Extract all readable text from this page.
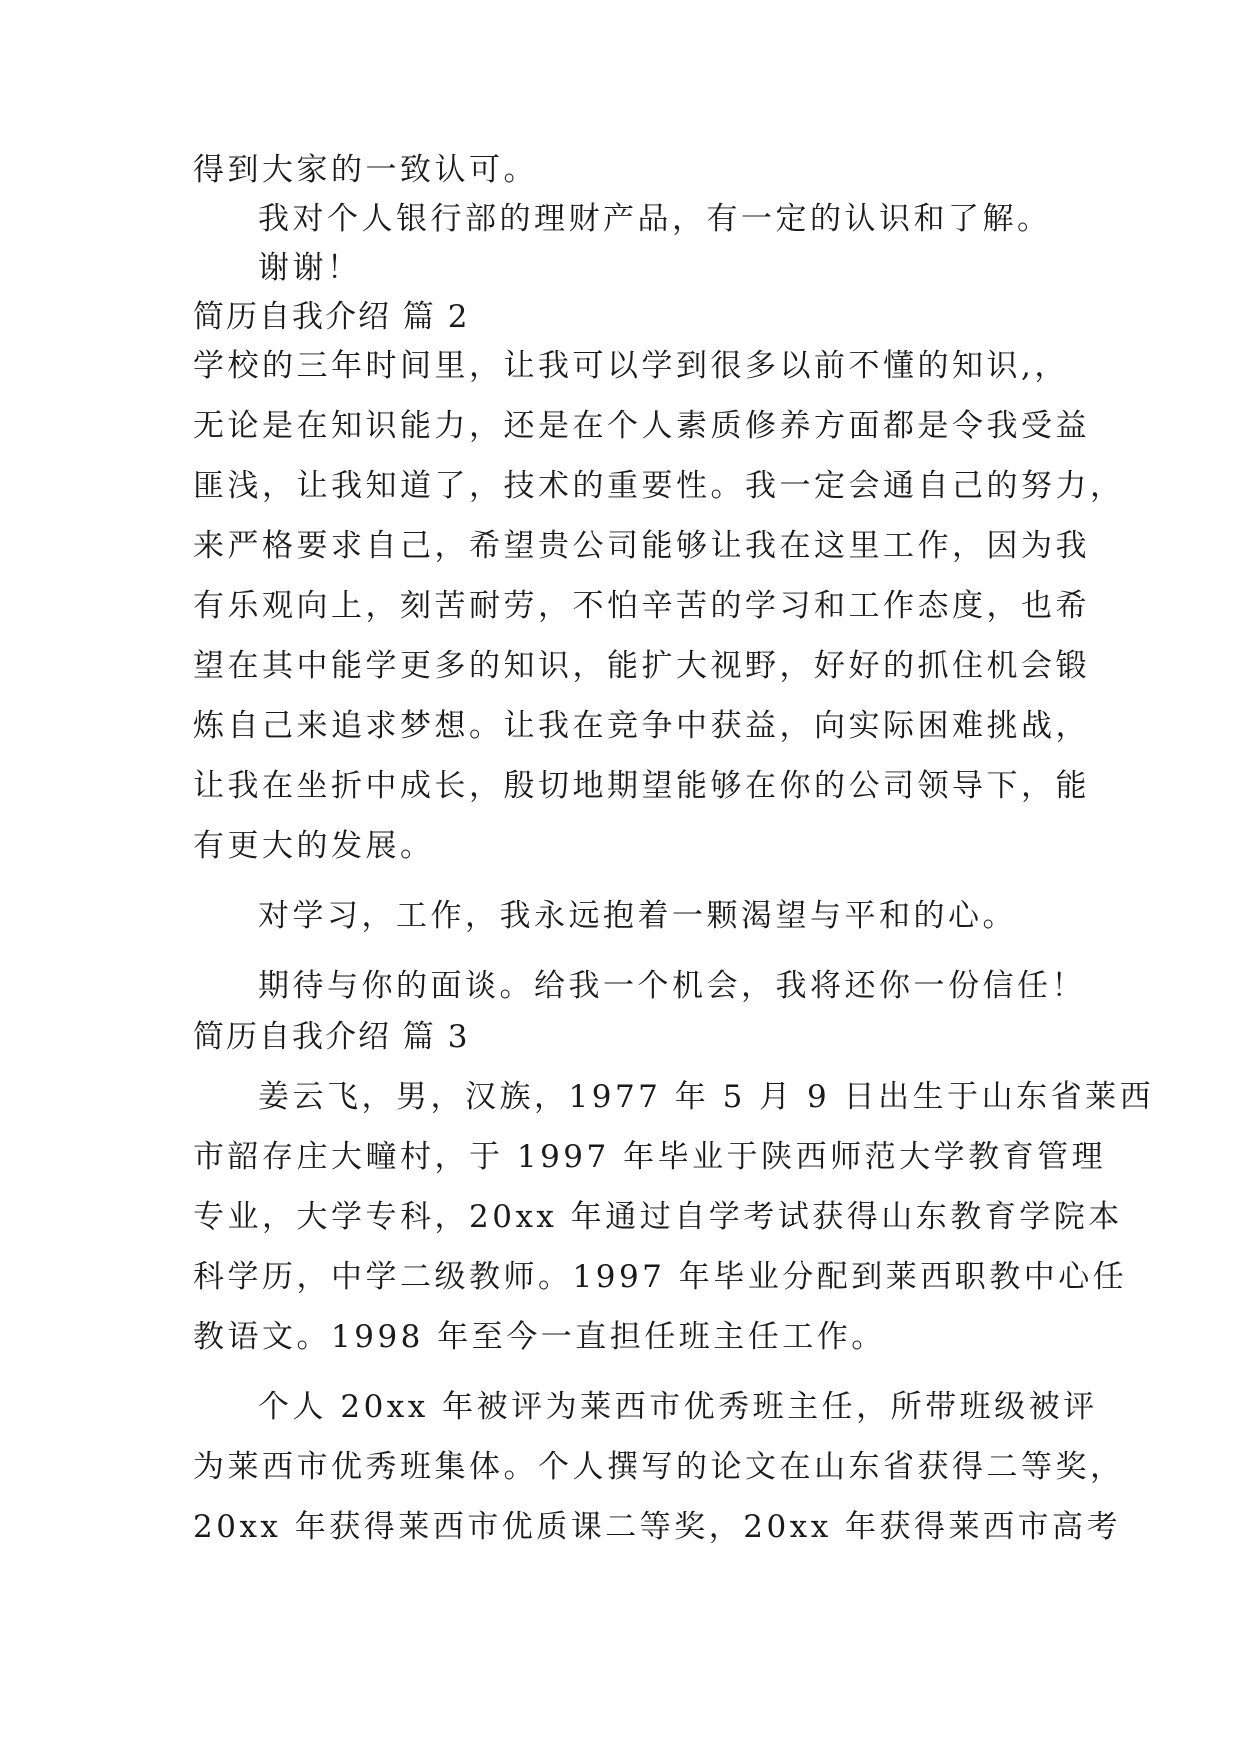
得到大家的一致认可。
我对个人银行部的理财产品，有一定的认识和了解。
谢谢！
简历自我介绍 篇 2
学校的三年时间里，让我可以学到很多以前不懂的知识,，
无论是在知识能力，还是在个人素质修养方面都是令我受益
匪浅，让我知道了，技术的重要性。我一定会通自己的努力，
来严格要求自己，希望贵公司能够让我在这里工作，因为我
有乐观向上，刻苦耐劳，不怕辛苦的学习和工作态度，也希
望在其中能学更多的知识，能扩大视野，好好的抓住机会锻
炼自己来追求梦想。让我在竞争中获益，向实际困难挑战，
让我在坐折中成长，殷切地期望能够在你的公司领导下，能
有更大的发展。
对学习，工作，我永远抱着一颗渴望与平和的心。
期待与你的面谈。给我一个机会，我将还你一份信任！
简历自我介绍 篇 3
姜云飞，男，汉族，1977 年 5 月 9 日出生于山东省莱西
市韶存庄大疃村，于 1997 年毕业于陕西师范大学教育管理
专业，大学专科，20xx 年通过自学考试获得山东教育学院本
科学历，中学二级教师。1997 年毕业分配到莱西职教中心任
教语文。1998 年至今一直担任班主任工作。
个人 20xx 年被评为莱西市优秀班主任，所带班级被评
为莱西市优秀班集体。个人撰写的论文在山东省获得二等奖，
20xx 年获得莱西市优质课二等奖，20xx 年获得莱西市高考
